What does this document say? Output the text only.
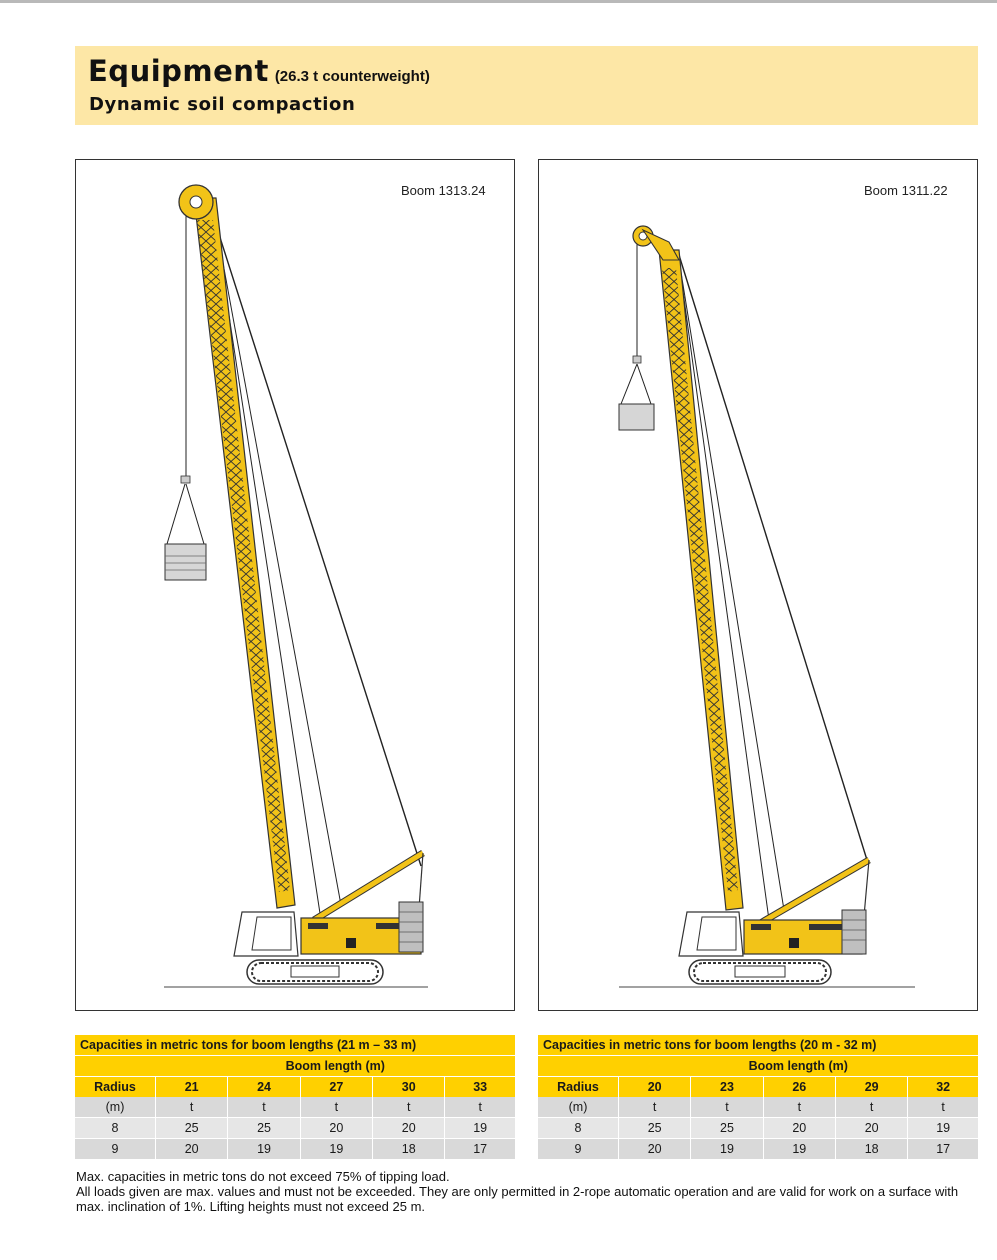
Equipment (26.3 t counterweight)
Dynamic soil compaction
Boom 1313.24	Boom 1311.22
Capacities in metric tons for boom lengths (21 m – 33 m)					
	Boom length (m)				
Radius	21	24	27	30	33
(m)	t	t	t	t	t
8	25	25	20	20	19
9	20	19	19	18	17
Capacities in metric tons for boom lengths (20 m - 32 m)					
	Boom length (m)				
Radius	20	23	26	29	32
(m)	t	t	t	t	t
8	25	25	20	20	19
9	20	19	19	18	17
Max. capacities in metric tons do not exceed 75% of tipping load.
All loads given are max. values and must not be exceeded. They are only permitted in 2-rope automatic operation and are valid for work on a surface with max. inclination of 1%. Lifting heights must not exceed 25 m.
